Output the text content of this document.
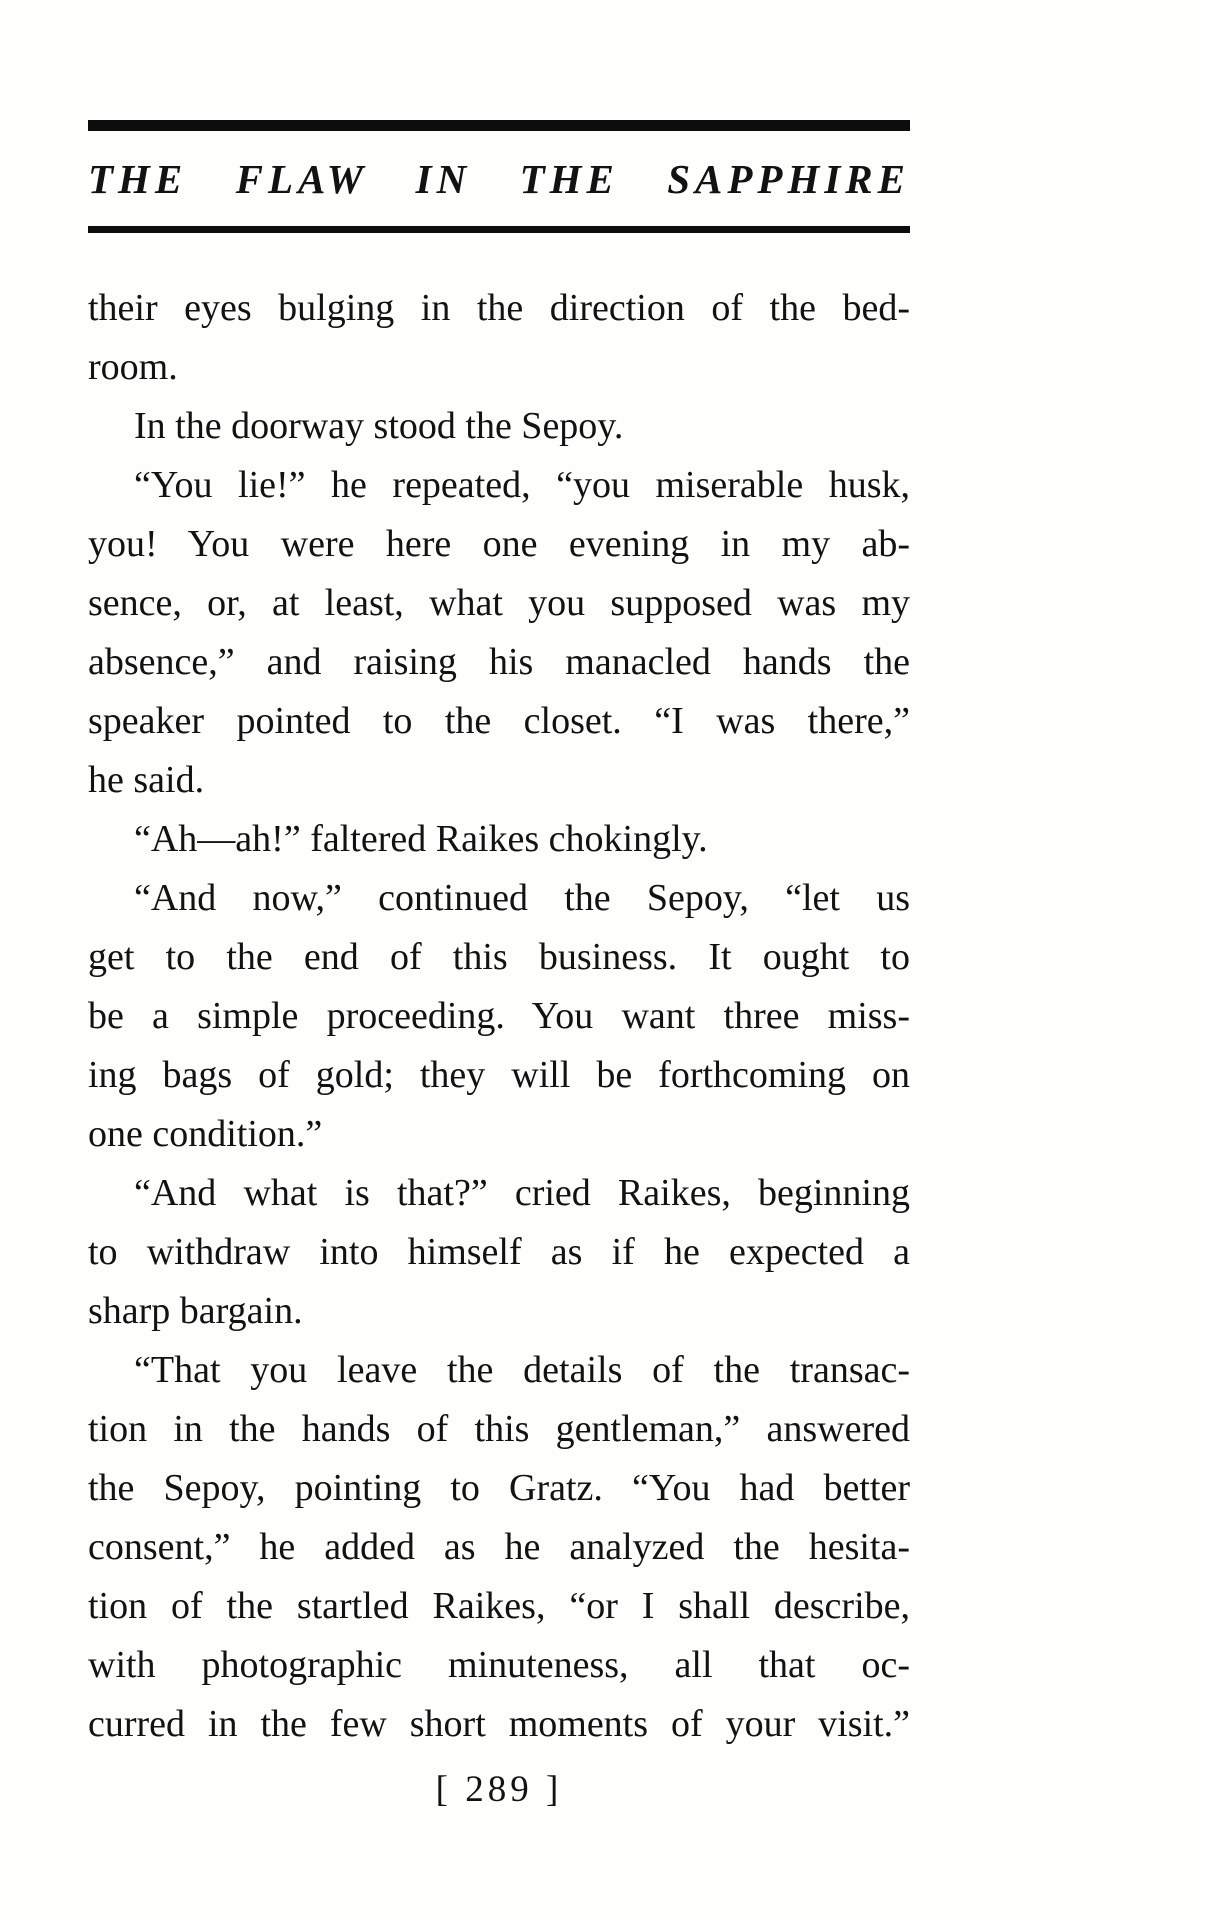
THE FLAW IN THE SAPPHIRE
their eyes bulging in the direction of the bed-
room.
In the doorway stood the Sepoy.
“You lie!” he repeated, “you miserable husk,
you! You were here one evening in my ab-
sence, or, at least, what you supposed was my
absence,” and raising his manacled hands the
speaker pointed to the closet. “I was there,”
he said.
“Ah—ah!” faltered Raikes chokingly.
“And now,” continued the Sepoy, “let us
get to the end of this business. It ought to
be a simple proceeding. You want three miss-
ing bags of gold; they will be forthcoming on
one condition.”
“And what is that?” cried Raikes, beginning
to withdraw into himself as if he expected a
sharp bargain.
“That you leave the details of the transac-
tion in the hands of this gentleman,” answered
the Sepoy, pointing to Gratz. “You had better
consent,” he added as he analyzed the hesita-
tion of the startled Raikes, “or I shall describe,
with photographic minuteness, all that oc-
curred in the few short moments of your visit.”
[ 289 ]
